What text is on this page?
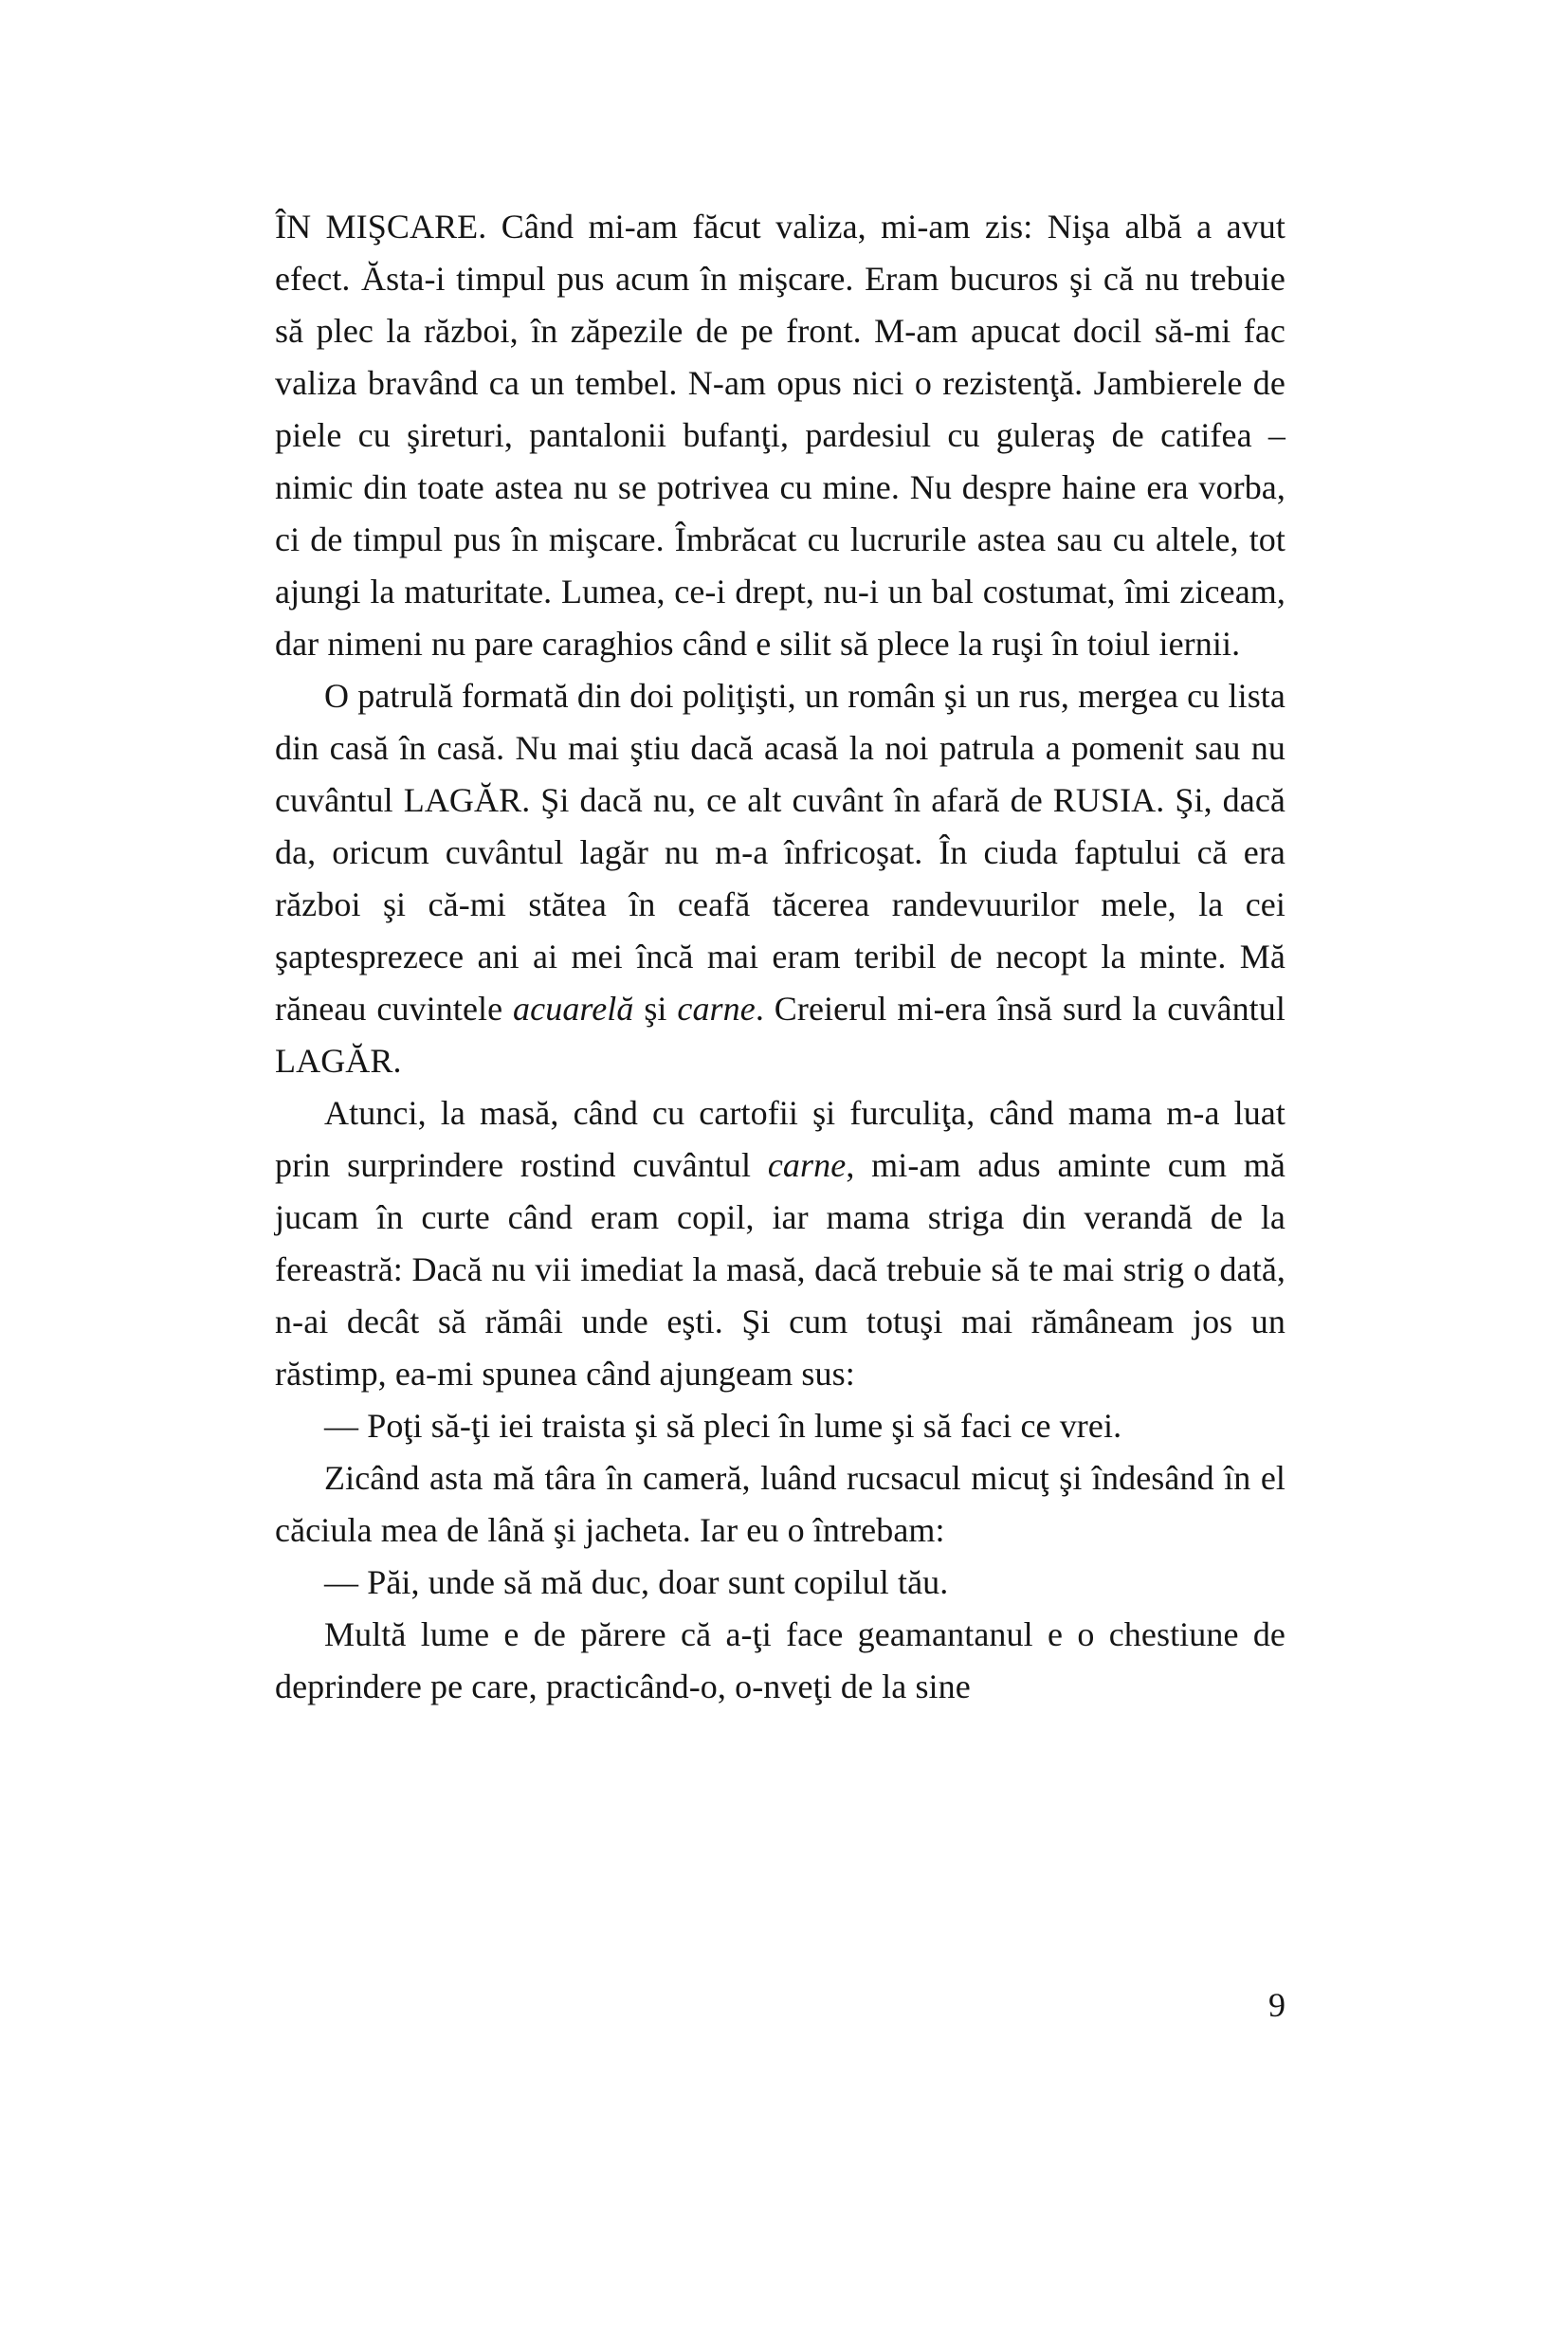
ÎN MIŞCARE. Când mi-am făcut valiza, mi-am zis: Nişa albă a avut efect. Ăsta-i timpul pus acum în mişcare. Eram bucuros şi că nu trebuie să plec la război, în zăpezile de pe front. M-am apucat docil să-mi fac valiza bravând ca un tembel. N-am opus nici o rezistenţă. Jambierele de piele cu şireturi, pantalonii bufanţi, pardesiul cu guleraş de catifea – nimic din toate astea nu se potrivea cu mine. Nu despre haine era vorba, ci de timpul pus în mişcare. Îmbrăcat cu lucrurile astea sau cu altele, tot ajungi la maturitate. Lumea, ce-i drept, nu-i un bal costumat, îmi ziceam, dar nimeni nu pare caraghios când e silit să plece la ruşi în toiul iernii.

O patrulă formată din doi poliţişti, un român şi un rus, mergea cu lista din casă în casă. Nu mai ştiu dacă acasă la noi patrula a pomenit sau nu cuvântul LAGĂR. Şi dacă nu, ce alt cuvânt în afară de RUSIA. Şi, dacă da, oricum cuvântul lagăr nu m-a înfricoşat. În ciuda faptului că era război şi că-mi stătea în ceafă tăcerea randevuurilor mele, la cei şaptesprezece ani ai mei încă mai eram teribil de necopt la minte. Mă răneau cuvintele acuarelă şi carne. Creierul mi-era însă surd la cuvântul LAGĂR.

Atunci, la masă, când cu cartofii şi furculiţa, când mama m-a luat prin surprindere rostind cuvântul carne, mi-am adus aminte cum mă jucam în curte când eram copil, iar mama striga din verandă de la fereastră: Dacă nu vii imediat la masă, dacă trebuie să te mai strig o dată, n-ai decât să rămâi unde eşti. Şi cum totuşi mai rămâneam jos un răstimp, ea-mi spunea când ajungeam sus:

— Poţi să-ţi iei traista şi să pleci în lume şi să faci ce vrei.

Zicând asta mă târa în cameră, luând rucsacul micuţ şi îndesând în el căciula mea de lână şi jacheta. Iar eu o întrebam:

— Păi, unde să mă duc, doar sunt copilul tău.

Multă lume e de părere că a-ţi face geamantanul e o chestiune de deprindere pe care, practicând-o, o-nveţi de la sine

9
